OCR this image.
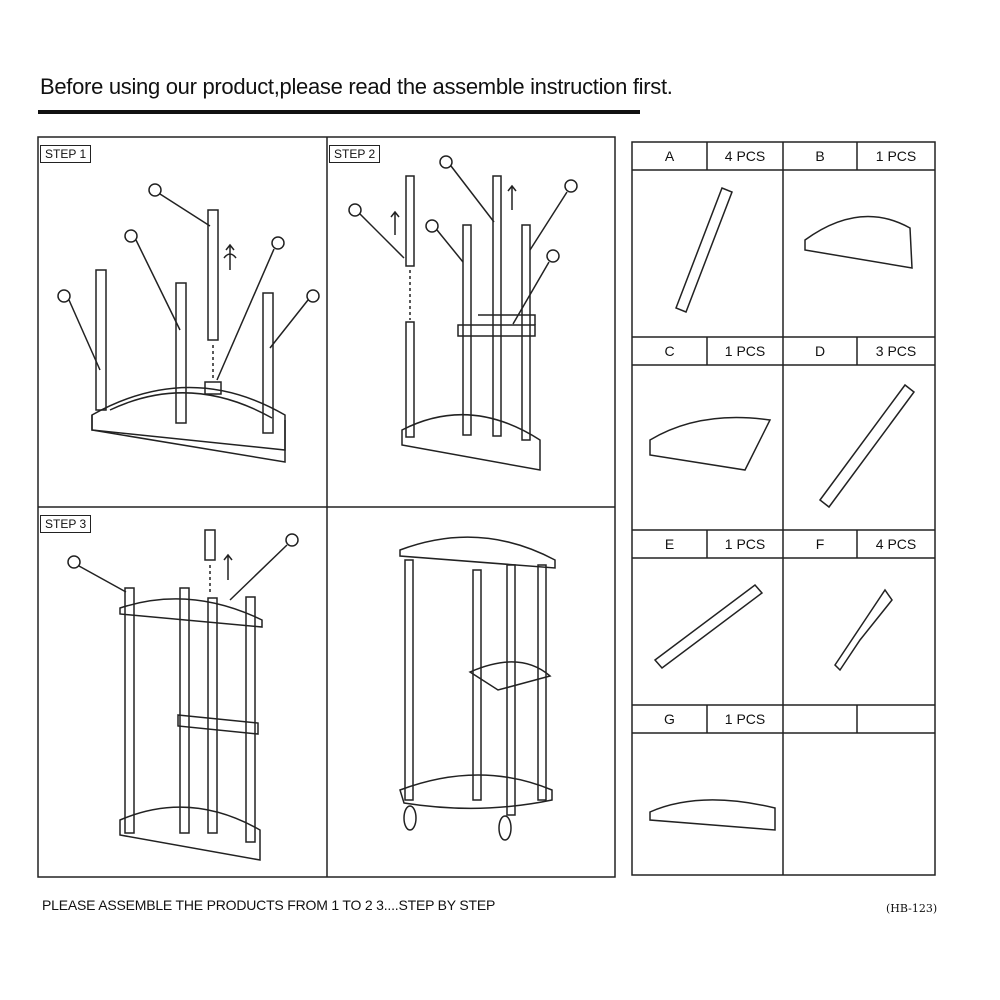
Before using our product,please read the assemble instruction first.
STEP 1	STEP 2
STEP 3
A	4 PCS	B	1 PCS
C	1 PCS	D	3 PCS
E	1 PCS	F	4 PCS
G	1 PCS
PLEASE ASSEMBLE THE PRODUCTS FROM 1 TO 2 3....STEP BY STEP	(HB-123)
